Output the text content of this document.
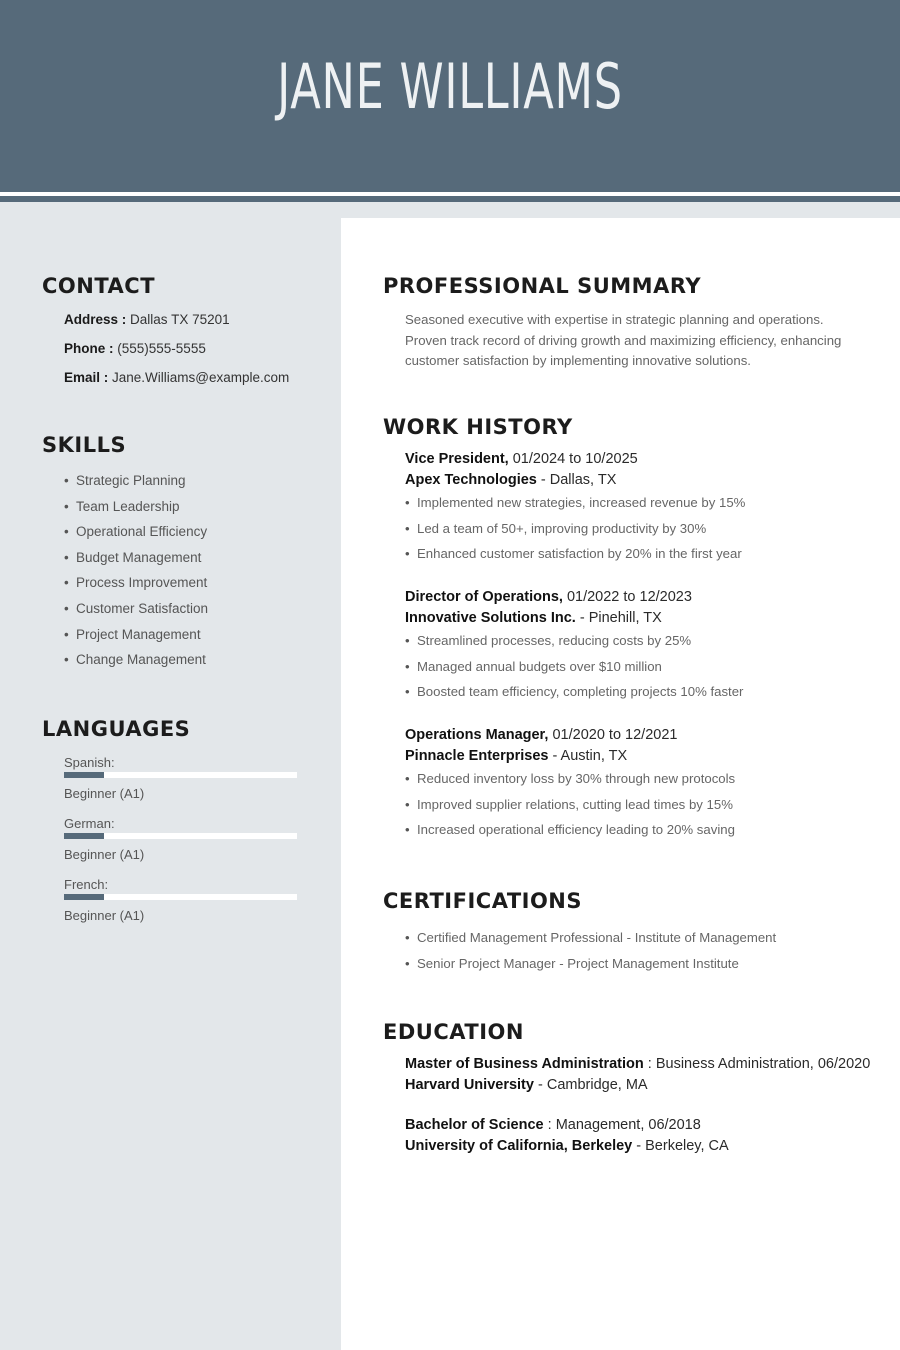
JANE WILLIAMS
CONTACT
Address : Dallas TX 75201
Phone : (555)555-5555
Email : Jane.Williams@example.com
SKILLS
• Strategic Planning
• Team Leadership
• Operational Efficiency
• Budget Management
• Process Improvement
• Customer Satisfaction
• Project Management
• Change Management
LANGUAGES
Spanish:
Beginner (A1)
German:
Beginner (A1)
French:
Beginner (A1)
PROFESSIONAL SUMMARY
Seasoned executive with expertise in strategic planning and operations. Proven track record of driving growth and maximizing efficiency, enhancing customer satisfaction by implementing innovative solutions.
WORK HISTORY
Vice President, 01/2024 to 10/2025
Apex Technologies - Dallas, TX
• Implemented new strategies, increased revenue by 15%
• Led a team of 50+, improving productivity by 30%
• Enhanced customer satisfaction by 20% in the first year
Director of Operations, 01/2022 to 12/2023
Innovative Solutions Inc. - Pinehill, TX
• Streamlined processes, reducing costs by 25%
• Managed annual budgets over $10 million
• Boosted team efficiency, completing projects 10% faster
Operations Manager, 01/2020 to 12/2021
Pinnacle Enterprises - Austin, TX
• Reduced inventory loss by 30% through new protocols
• Improved supplier relations, cutting lead times by 15%
• Increased operational efficiency leading to 20% saving
CERTIFICATIONS
• Certified Management Professional - Institute of Management
• Senior Project Manager - Project Management Institute
EDUCATION
Master of Business Administration : Business Administration, 06/2020
Harvard University - Cambridge, MA
Bachelor of Science : Management, 06/2018
University of California, Berkeley - Berkeley, CA
